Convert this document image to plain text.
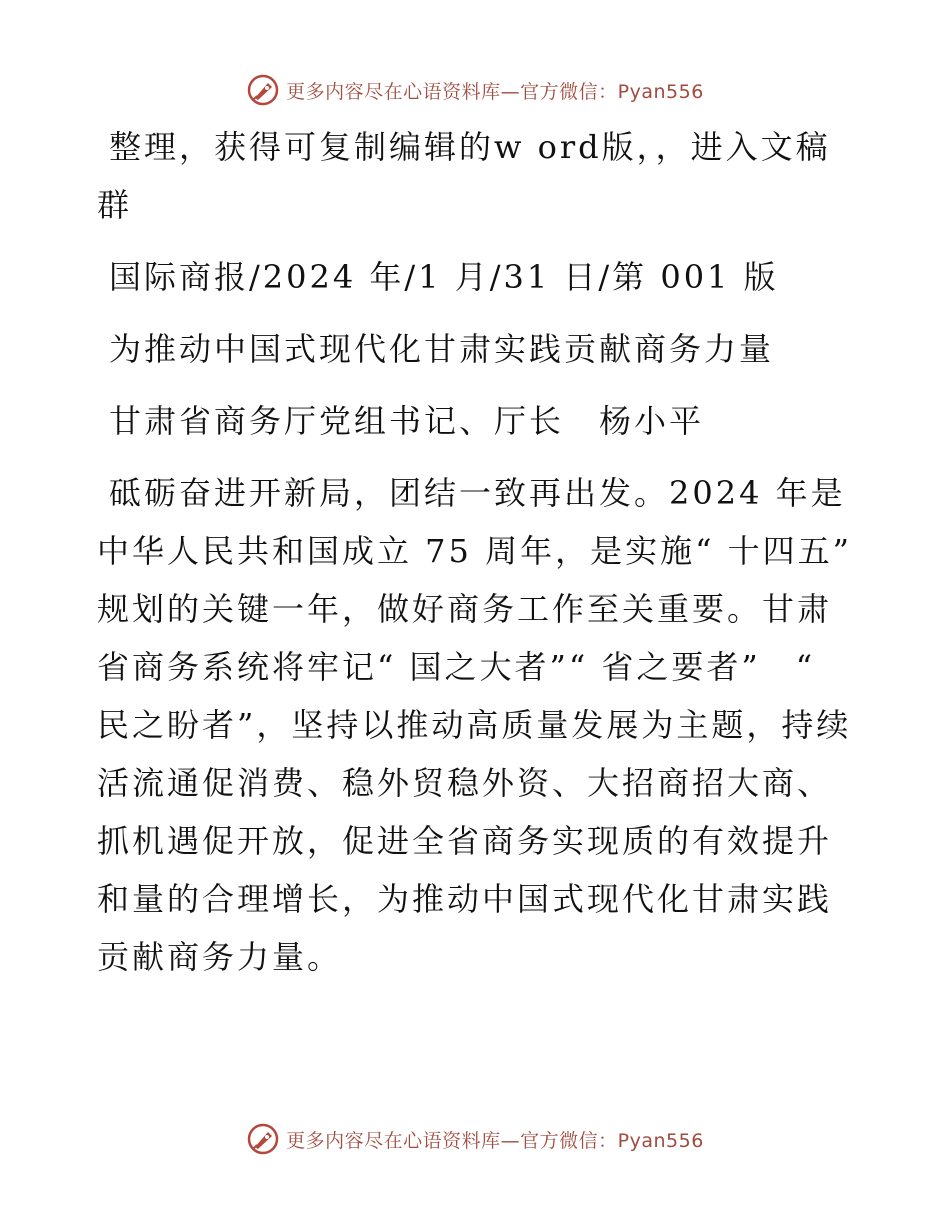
更多内容尽在心语资料库—官方微信：Pyan556

整理，获得可复制编辑的w ord版，，进入文稿群

国际商报/2024 年/1 月/31 日/第 001 版

为推动中国式现代化甘肃实践贡献商务力量

甘肃省商务厅党组书记、厅长　杨小平

砥砺奋进开新局，团结一致再出发。2024 年是中华人民共和国成立 75 周年，是实施“ 十四五” 规划的关键一年，做好商务工作至关重要。甘肃省商务系统将牢记“ 国之大者”“ 省之要者”　“ 民之盼者”，坚持以推动高质量发展为主题，持续活流通促消费、稳外贸稳外资、大招商招大商、抓机遇促开放，促进全省商务实现质的有效提升和量的合理增长，为推动中国式现代化甘肃实践贡献商务力量。

更多内容尽在心语资料库—官方微信：Pyan556
